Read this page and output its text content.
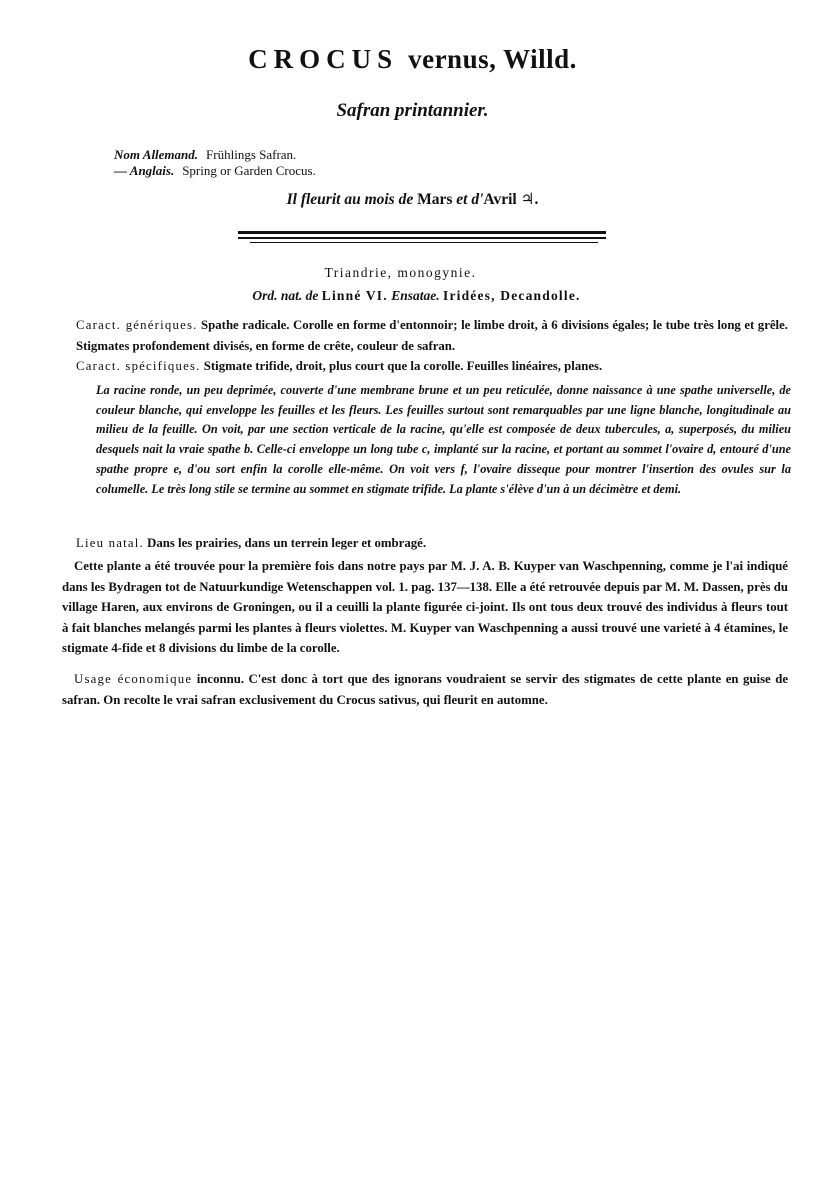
CROCUS vernus, Willd.
Safran printannier.
Nom Allemand. Frühlings Safran.
— Anglais. Spring or Garden Crocus.
Il fleurit au mois de Mars et d'Avril ♃.
Triandrie, monogynie.
Ord. nat. de Linné VI. Ensatae. Iridées, Decandolle.
Caract. génériques. Spathe radicale. Corolle en forme d'entonnoir; le limbe droit, à 6 divisions égales; le tube très long et grêle. Stigmates profondement divisés, en forme de crête, couleur de safran.
Caract. spécifiques. Stigmate trifide, droit, plus court que la corolle. Feuilles linéaires, planes.
La racine ronde, un peu deprimée, couverte d'une membrane brune et un peu reticulée, donne naissance à une spathe universelle, de couleur blanche, qui enveloppe les feuilles et les fleurs. Les feuilles surtout sont remarquables par une ligne blanche, longitudinale au milieu de la feuille. On voit, par une section verticale de la racine, qu'elle est composée de deux tubercules, a, superposés, du milieu desquels nait la vraie spathe b. Celle-ci enveloppe un long tube c, implanté sur la racine, et portant au sommet l'ovaire d, entouré d'une spathe propre e, d'ou sort enfin la corolle elle-même. On voit vers f, l'ovaire disseque pour montrer l'insertion des ovules sur la columelle. Le très long stile se termine au sommet en stigmate trifide. La plante s'élève d'un à un décimètre et demi.
Lieu natal. Dans les prairies, dans un terrein leger et ombragé.
Cette plante a été trouvée pour la première fois dans notre pays par M. J. A. B. Kuyper van Waschpenning, comme je l'ai indiqué dans les Bydragen tot de Natuurkundige Wetenschappen vol. 1. pag. 137—138. Elle a été retrouvée depuis par M. M. Dassen, près du village Haren, aux environs de Groningen, ou il a ceuilli la plante figurée ci-joint. Ils ont tous deux trouvé des individus à fleurs tout à fait blanches melangés parmi les plantes à fleurs violettes. M. Kuyper van Waschpenning a aussi trouvé une varieté à 4 étamines, le stigmate 4-fide et 8 divisions du limbe de la corolle.
Usage économique inconnu. C'est donc à tort que des ignorans voudraient se servir des stigmates de cette plante en guise de safran. On recolte le vrai safran exclusivement du Crocus sativus, qui fleurit en automne.
